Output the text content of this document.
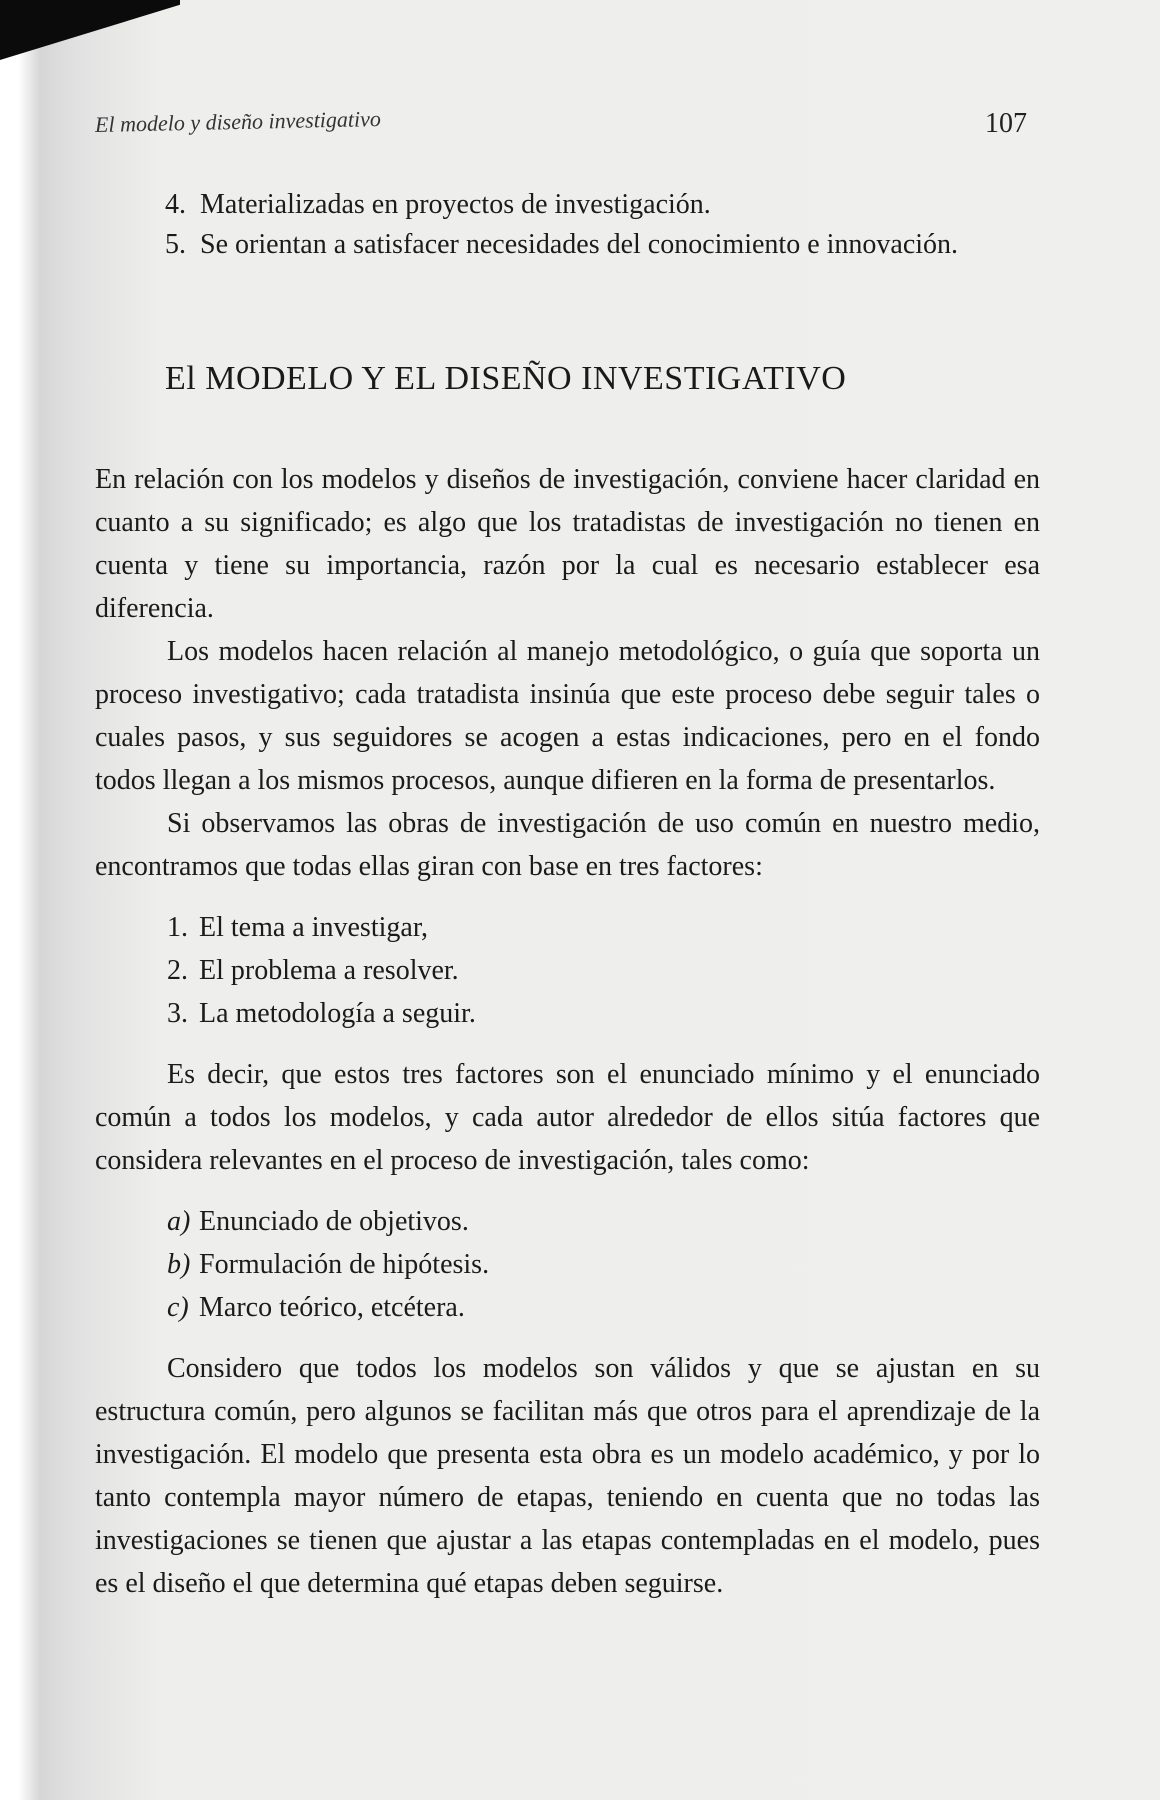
El modelo y diseño investigativo	107
4. Materializadas en proyectos de investigación.
5. Se orientan a satisfacer necesidades del conocimiento e innovación.
El MODELO Y EL DISEÑO INVESTIGATIVO

En relación con los modelos y diseños de investigación, conviene hacer claridad en cuanto a su significado; es algo que los tratadistas de investigación no tienen en cuenta y tiene su importancia, razón por la cual es necesario establecer esa diferencia.

Los modelos hacen relación al manejo metodológico, o guía que soporta un proceso investigativo; cada tratadista insinúa que este proceso debe seguir tales o cuales pasos, y sus seguidores se acogen a estas indicaciones, pero en el fondo todos llegan a los mismos procesos, aunque difieren en la forma de presentarlos.

Si observamos las obras de investigación de uso común en nuestro medio, encontramos que todas ellas giran con base en tres factores:

1. El tema a investigar,
2. El problema a resolver.
3. La metodología a seguir.

Es decir, que estos tres factores son el enunciado mínimo y el enunciado común a todos los modelos, y cada autor alrededor de ellos sitúa factores que considera relevantes en el proceso de investigación, tales como:

a) Enunciado de objetivos.
b) Formulación de hipótesis.
c) Marco teórico, etcétera.

Considero que todos los modelos son válidos y que se ajustan en su estructura común, pero algunos se facilitan más que otros para el aprendizaje de la investigación. El modelo que presenta esta obra es un modelo académico, y por lo tanto contempla mayor número de etapas, teniendo en cuenta que no todas las investigaciones se tienen que ajustar a las etapas contempladas en el modelo, pues es el diseño el que determina qué etapas deben seguirse.
